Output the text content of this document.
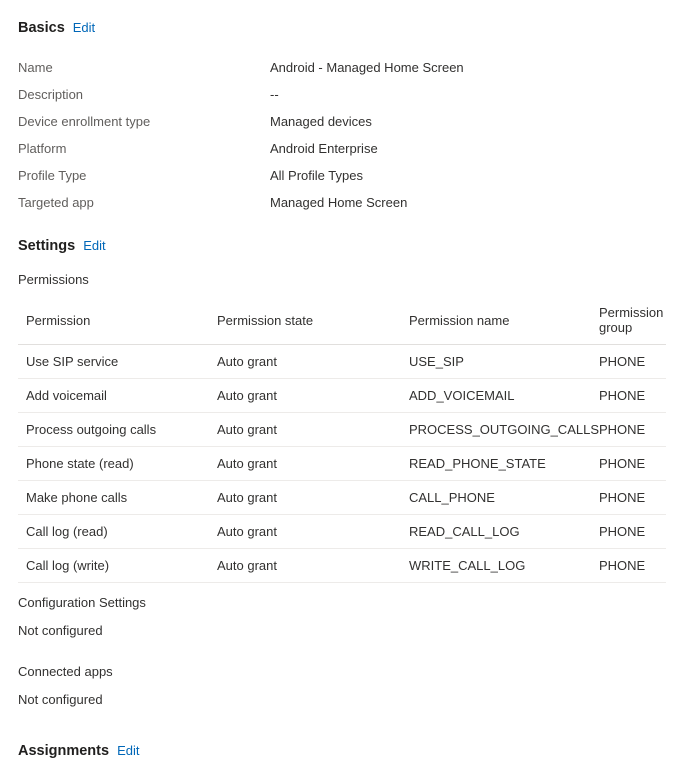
Basics Edit
Name	Android - Managed Home Screen
Description	--
Device enrollment type	Managed devices
Platform	Android Enterprise
Profile Type	All Profile Types
Targeted app	Managed Home Screen
Settings Edit
Permissions
Permission	Permission state	Permission name	Permission group
Use SIP service	Auto grant	USE_SIP	PHONE
Add voicemail	Auto grant	ADD_VOICEMAIL	PHONE
Process outgoing calls	Auto grant	PROCESS_OUTGOING_CALLS	PHONE
Phone state (read)	Auto grant	READ_PHONE_STATE	PHONE
Make phone calls	Auto grant	CALL_PHONE	PHONE
Call log (read)	Auto grant	READ_CALL_LOG	PHONE
Call log (write)	Auto grant	WRITE_CALL_LOG	PHONE
Configuration Settings
Not configured
Connected apps
Not configured
Assignments Edit
